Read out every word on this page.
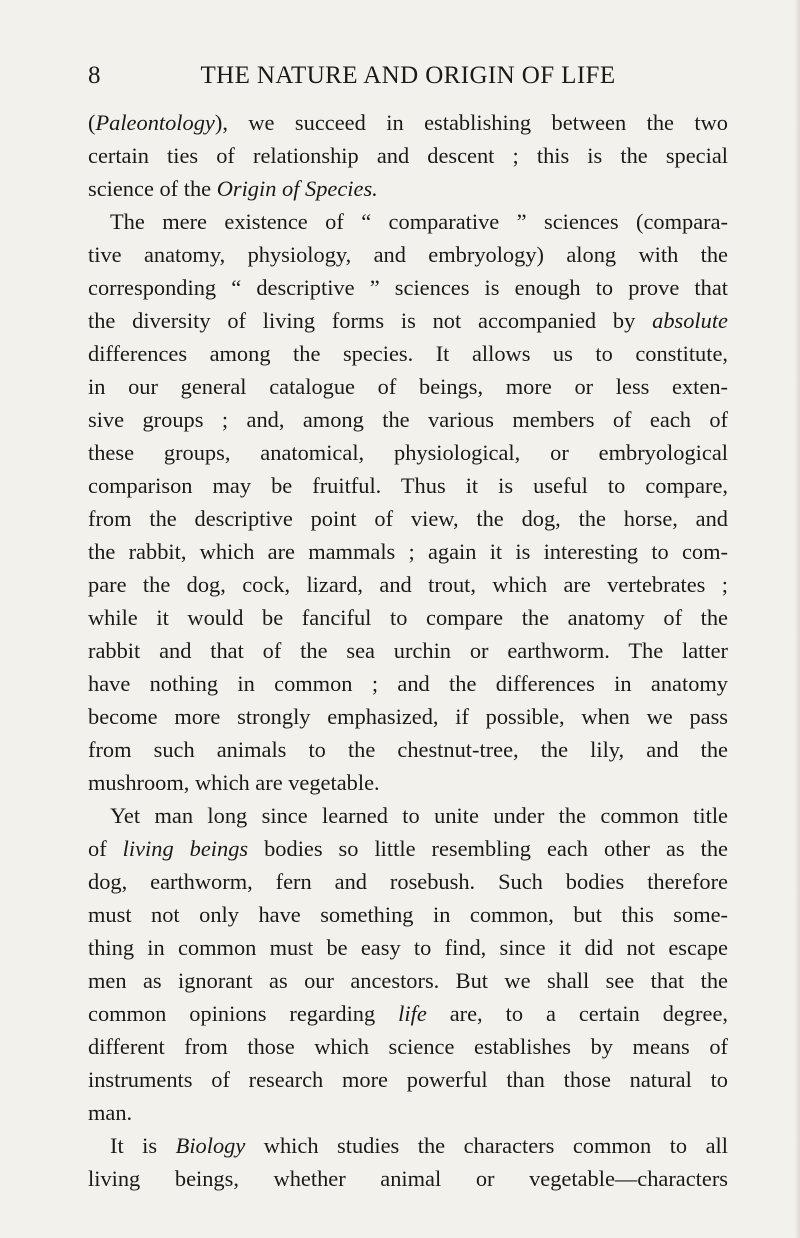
8	THE NATURE AND ORIGIN OF LIFE
(Paleontology), we succeed in establishing between the two
certain ties of relationship and descent ; this is the special
science of the Origin of Species.
The mere existence of “ comparative ” sciences (compara-
tive anatomy, physiology, and embryology) along with the
corresponding “ descriptive ” sciences is enough to prove that
the diversity of living forms is not accompanied by absolute
differences among the species. It allows us to constitute,
in our general catalogue of beings, more or less exten-
sive groups ; and, among the various members of each of
these groups, anatomical, physiological, or embryological
comparison may be fruitful. Thus it is useful to compare,
from the descriptive point of view, the dog, the horse, and
the rabbit, which are mammals ; again it is interesting to com-
pare the dog, cock, lizard, and trout, which are vertebrates ;
while it would be fanciful to compare the anatomy of the
rabbit and that of the sea urchin or earthworm. The latter
have nothing in common ; and the differences in anatomy
become more strongly emphasized, if possible, when we pass
from such animals to the chestnut-tree, the lily, and the
mushroom, which are vegetable.
Yet man long since learned to unite under the common title
of living beings bodies so little resembling each other as the
dog, earthworm, fern and rosebush. Such bodies therefore
must not only have something in common, but this some-
thing in common must be easy to find, since it did not escape
men as ignorant as our ancestors. But we shall see that the
common opinions regarding life are, to a certain degree,
different from those which science establishes by means of
instruments of research more powerful than those natural to
man.
It is Biology which studies the characters common to all
living beings, whether animal or vegetable—characters
